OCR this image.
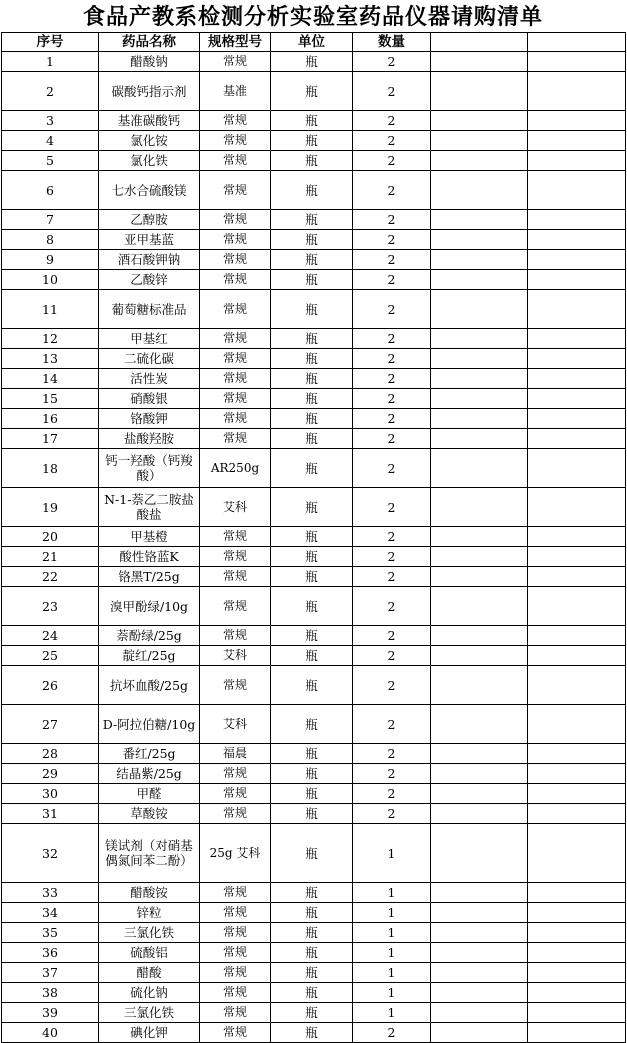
食品产教系检测分析实验室药品仪器请购清单
序号	药品名称	规格型号	单位	数量		
1	醋酸钠	常规	瓶	2		
2	碳酸钙指示剂	基准	瓶	2		
3	基准碳酸钙	常规	瓶	2		
4	氯化铵	常规	瓶	2		
5	氯化铁	常规	瓶	2		
6	七水合硫酸镁	常规	瓶	2		
7	乙醇胺	常规	瓶	2		
8	亚甲基蓝	常规	瓶	2		
9	酒石酸钾钠	常规	瓶	2		
10	乙酸锌	常规	瓶	2		
11	葡萄糖标准品	常规	瓶	2		
12	甲基红	常规	瓶	2		
13	二硫化碳	常规	瓶	2		
14	活性炭	常规	瓶	2		
15	硝酸银	常规	瓶	2		
16	铬酸钾	常规	瓶	2		
17	盐酸羟胺	常规	瓶	2		
18	钙一羟酸（钙羧酸）	AR250g	瓶	2		
19	N-1-萘乙二胺盐酸盐	艾科	瓶	2		
20	甲基橙	常规	瓶	2		
21	酸性铬蓝K	常规	瓶	2		
22	铬黑T/25g	常规	瓶	2		
23	溴甲酚绿/10g	常规	瓶	2		
24	萘酚绿/25g	常规	瓶	2		
25	靛红/25g	艾科	瓶	2		
26	抗坏血酸/25g	常规	瓶	2		
27	D-阿拉伯糖/10g	艾科	瓶	2		
28	番红/25g	福晨	瓶	2		
29	结晶紫/25g	常规	瓶	2		
30	甲醛	常规	瓶	2		
31	草酸铵	常规	瓶	2		
32	镁试剂（对硝基偶氮间苯二酚）	25g 艾科	瓶	1		
33	醋酸铵	常规	瓶	1		
34	锌粒	常规	瓶	1		
35	三氯化铁	常规	瓶	1		
36	硫酸铝	常规	瓶	1		
37	醋酸	常规	瓶	1		
38	硫化钠	常规	瓶	1		
39	三氯化铁	常规	瓶	1		
40	碘化钾	常规	瓶	2		
